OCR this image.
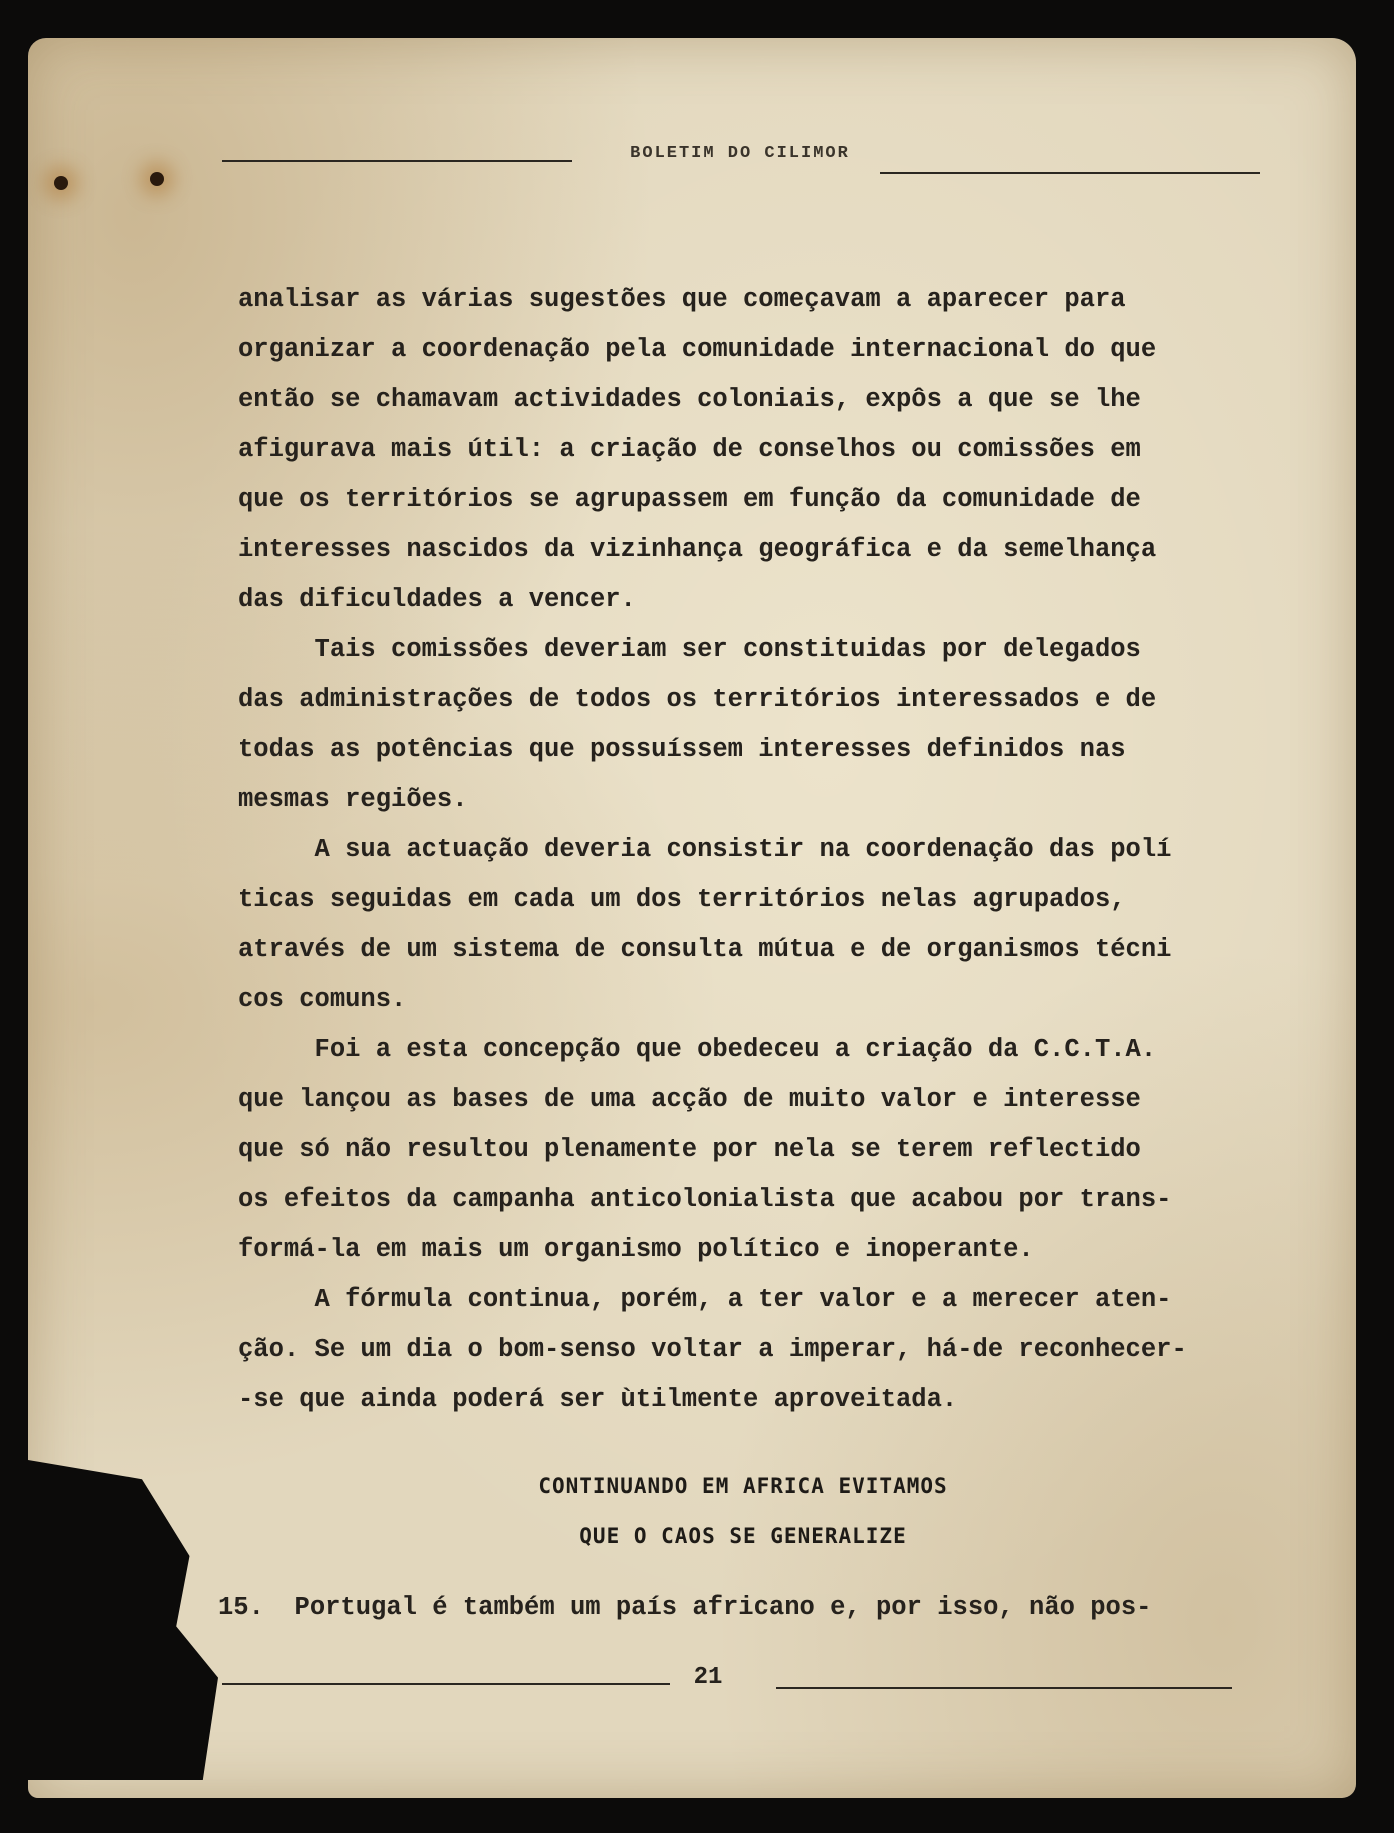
BOLETIM DO CILIMOR

analisar as várias sugestões que começavam a aparecer para

organizar a coordenação pela comunidade internacional do que

então se chamavam actividades coloniais, expôs a que se lhe

afigurava mais útil: a criação de conselhos ou comissões em

que os territórios se agrupassem em função da comunidade de

interesses nascidos da vizinhança geográfica e da semelhança

das dificuldades a vencer.

Tais comissões deveriam ser constituidas por delegados

das administrações de todos os territórios interessados e de

todas as potências que possuíssem interesses definidos nas

mesmas regiões.

A sua actuação deveria consistir na coordenação das polí

ticas seguidas em cada um dos territórios nelas agrupados,

através de um sistema de consulta mútua e de organismos técni

cos comuns.

Foi a esta concepção que obedeceu a criação da C.C.T.A.

que lançou as bases de uma acção de muito valor e interesse

que só não resultou plenamente por nela se terem reflectido

os efeitos da campanha anticolonialista que acabou por trans-

formá-la em mais um organismo político e inoperante.

A fórmula continua, porém, a ter valor e a merecer aten-

ção. Se um dia o bom-senso voltar a imperar, há-de reconhecer-

-se que ainda poderá ser ùtilmente aproveitada.

CONTINUANDO EM AFRICA EVITAMOS
QUE O CAOS SE GENERALIZE
15.  Portugal é também um país africano e, por isso, não pos-
21
